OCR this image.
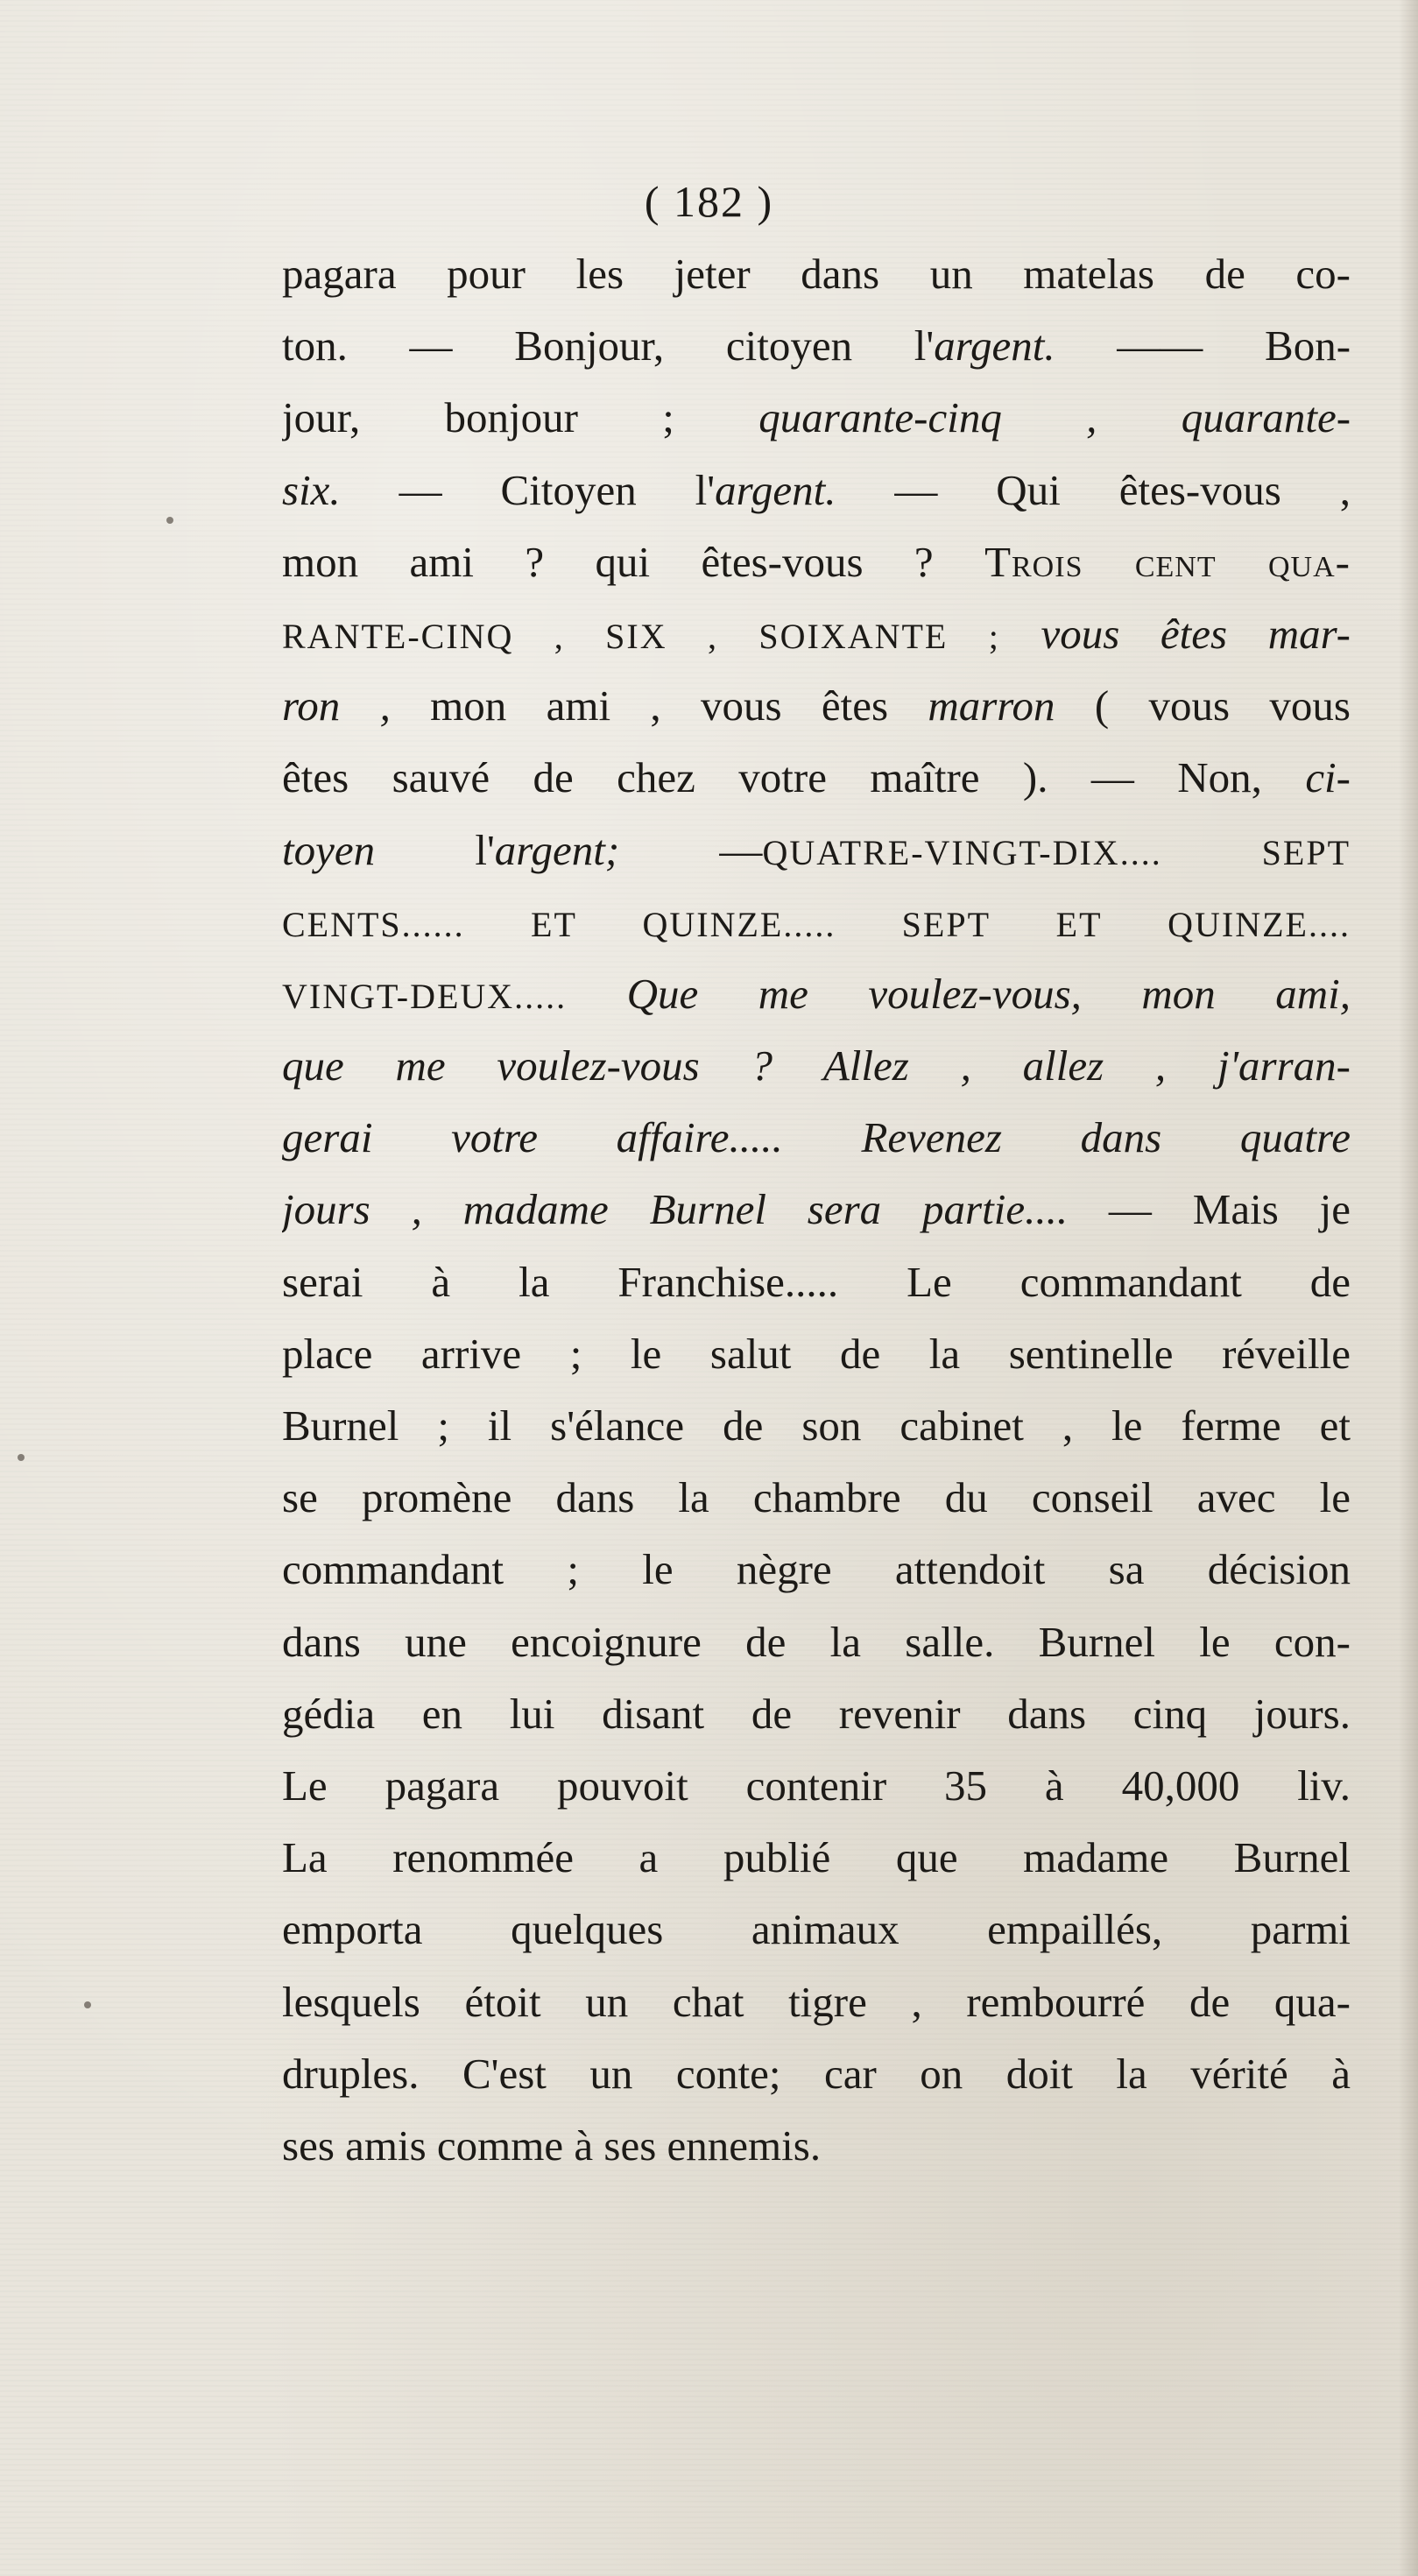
( 182 )
pagara pour les jeter dans un matelas de co-
ton. — Bonjour, citoyen l'argent. —— Bon-
jour, bonjour ; quarante-cinq , quarante-
six. — Citoyen l'argent. — Qui êtes-vous ,
mon ami ? qui êtes-vous ? Trois cent qua-
RANTE-CINQ , SIX , SOIXANTE ; vous êtes mar-
ron , mon ami , vous êtes marron ( vous vous
êtes sauvé de chez votre maître ). — Non, ci-
toyen l'argent; —QUATRE-VINGT-DIX.... SEPT
CENTS...... ET QUINZE..... SEPT ET QUINZE....
VINGT-DEUX..... Que me voulez-vous, mon ami,
que me voulez-vous ? Allez , allez , j'arran-
gerai votre affaire..... Revenez dans quatre
jours , madame Burnel sera partie.... — Mais je
serai à la Franchise..... Le commandant de
place arrive ; le salut de la sentinelle réveille
Burnel ; il s'élance de son cabinet , le ferme et
se promène dans la chambre du conseil avec le
commandant ; le nègre attendoit sa décision
dans une encoignure de la salle. Burnel le con-
gédia en lui disant de revenir dans cinq jours.
Le pagara pouvoit contenir 35 à 40,000 liv.
La renommée a publié que madame Burnel
emporta quelques animaux empaillés, parmi
lesquels étoit un chat tigre , rembourré de qua-
druples. C'est un conte; car on doit la vérité à
ses amis comme à ses ennemis.
